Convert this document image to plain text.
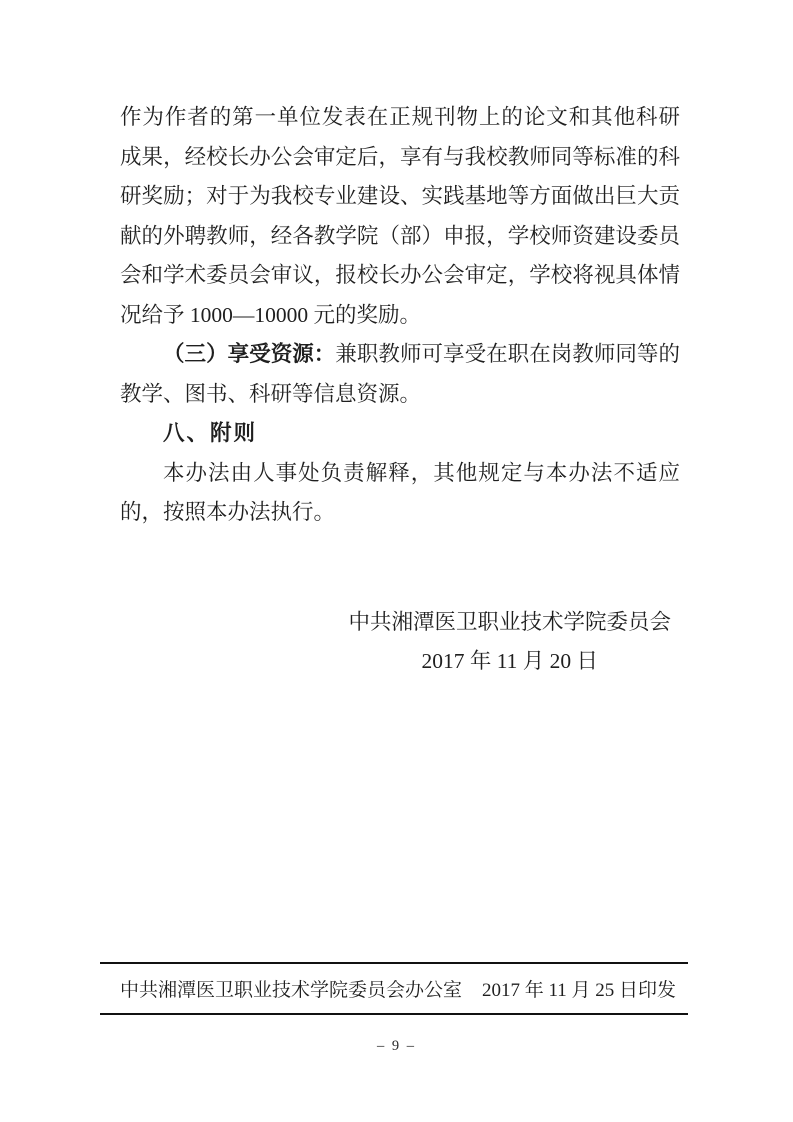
作为作者的第一单位发表在正规刊物上的论文和其他科研
成果，经校长办公会审定后，享有与我校教师同等标准的科
研奖励；对于为我校专业建设、实践基地等方面做出巨大贡
献的外聘教师，经各教学院（部）申报，学校师资建设委员
会和学术委员会审议，报校长办公会审定，学校将视具体情
况给予 1000—10000 元的奖励。
（三）享受资源：兼职教师可享受在职在岗教师同等的
教学、图书、科研等信息资源。
八、附则
本办法由人事处负责解释，其他规定与本办法不适应
的，按照本办法执行。
中共湘潭医卫职业技术学院委员会
2017 年 11 月 20 日
中共湘潭医卫职业技术学院委员会办公室 2017 年 11 月 25 日印发
– 9 –
